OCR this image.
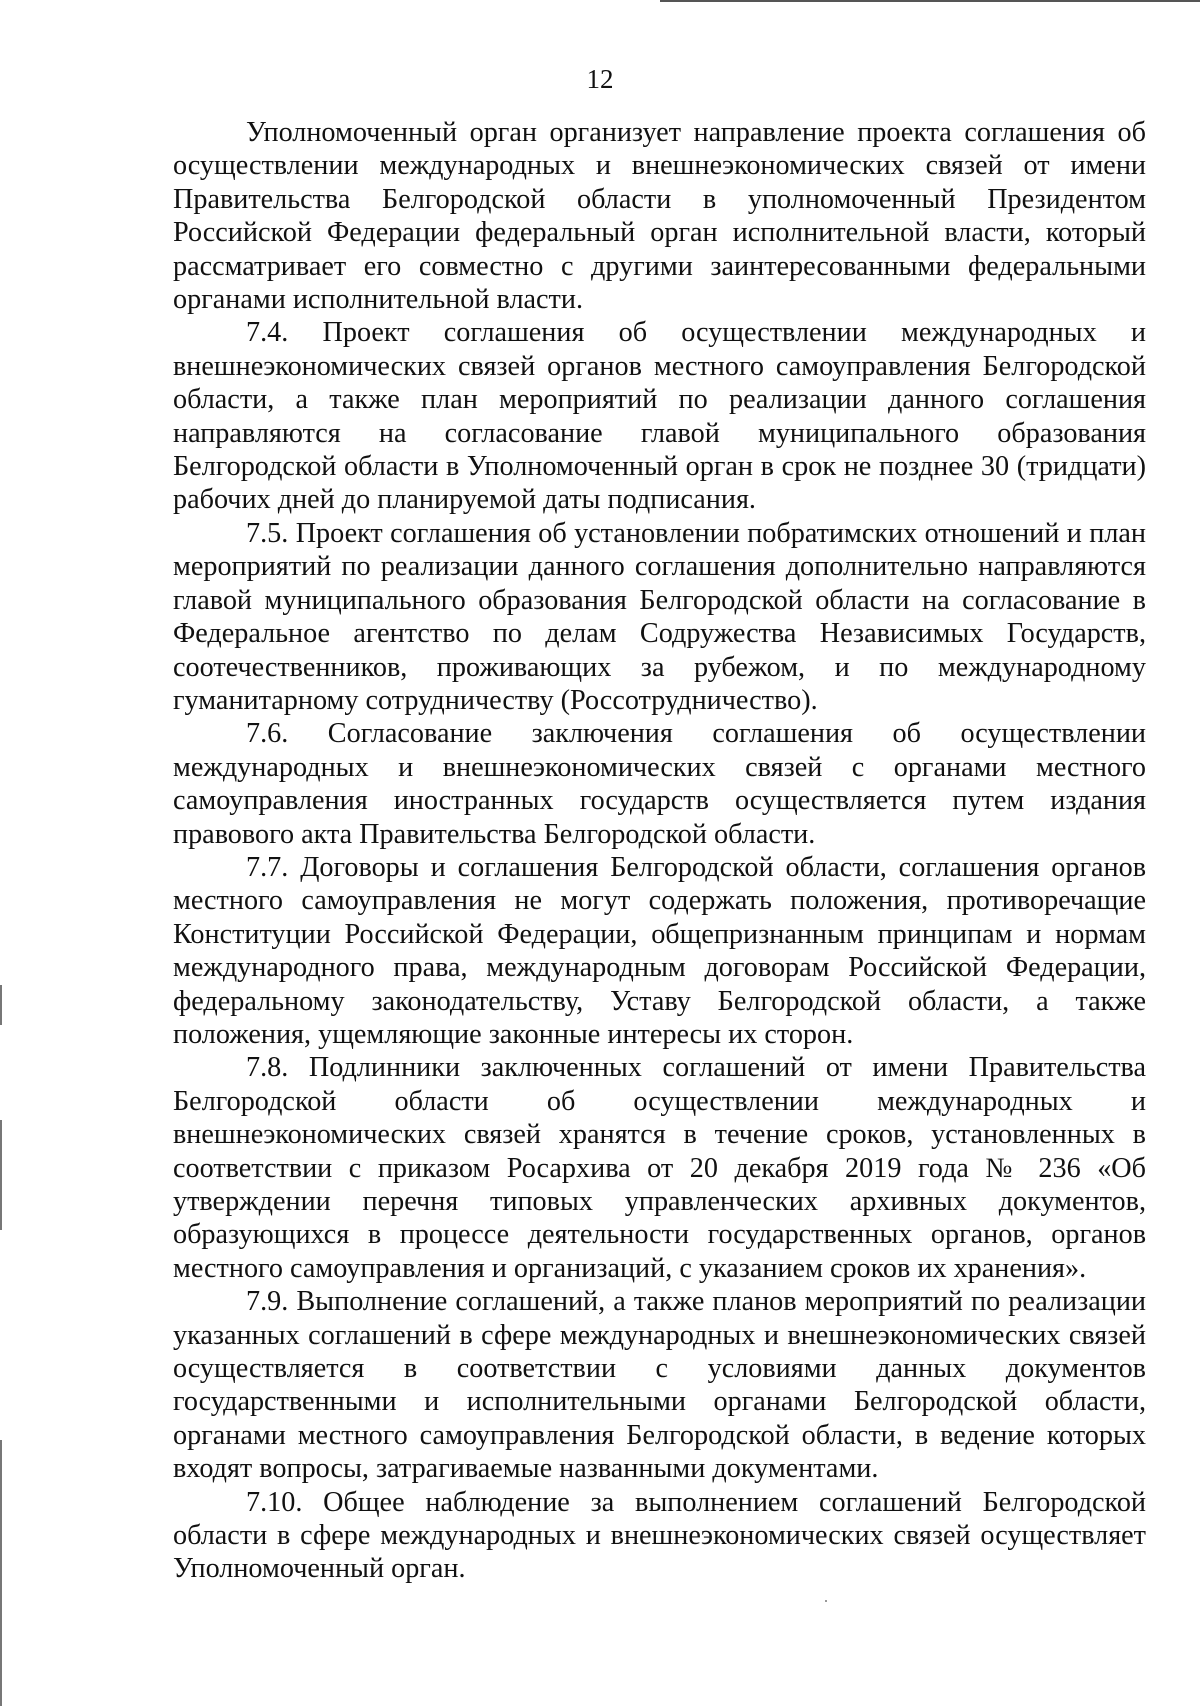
12

Уполномоченный орган организует направление проекта соглашения об осуществлении международных и внешнеэкономических связей от имени Правительства Белгородской области в уполномоченный Президентом Российской Федерации федеральный орган исполнительной власти, который рассматривает его совместно с другими заинтересованными федеральными органами исполнительной власти.

7.4. Проект соглашения об осуществлении международных и внешнеэкономических связей органов местного самоуправления Белгородской области, а также план мероприятий по реализации данного соглашения направляются на согласование главой муниципального образования Белгородской области в Уполномоченный орган в срок не позднее 30 (тридцати) рабочих дней до планируемой даты подписания.

7.5. Проект соглашения об установлении побратимских отношений и план мероприятий по реализации данного соглашения дополнительно направляются главой муниципального образования Белгородской области на согласование в Федеральное агентство по делам Содружества Независимых Государств, соотечественников, проживающих за рубежом, и по международному гуманитарному сотрудничеству (Россотрудничество).

7.6. Согласование заключения соглашения об осуществлении международных и внешнеэкономических связей с органами местного самоуправления иностранных государств осуществляется путем издания правового акта Правительства Белгородской области.

7.7. Договоры и соглашения Белгородской области, соглашения органов местного самоуправления не могут содержать положения, противоречащие Конституции Российской Федерации, общепризнанным принципам и нормам международного права, международным договорам Российской Федерации, федеральному законодательству, Уставу Белгородской области, а также положения, ущемляющие законные интересы их сторон.

7.8. Подлинники заключенных соглашений от имени Правительства Белгородской области об осуществлении международных и внешнеэкономических связей хранятся в течение сроков, установленных в соответствии с приказом Росархива от 20 декабря 2019 года № 236 «Об утверждении перечня типовых управленческих архивных документов, образующихся в процессе деятельности государственных органов, органов местного самоуправления и организаций, с указанием сроков их хранения».

7.9. Выполнение соглашений, а также планов мероприятий по реализации указанных соглашений в сфере международных и внешнеэкономических связей осуществляется в соответствии с условиями данных документов государственными и исполнительными органами Белгородской области, органами местного самоуправления Белгородской области, в ведение которых входят вопросы, затрагиваемые названными документами.

7.10. Общее наблюдение за выполнением соглашений Белгородской области в сфере международных и внешнеэкономических связей осуществляет Уполномоченный орган.
